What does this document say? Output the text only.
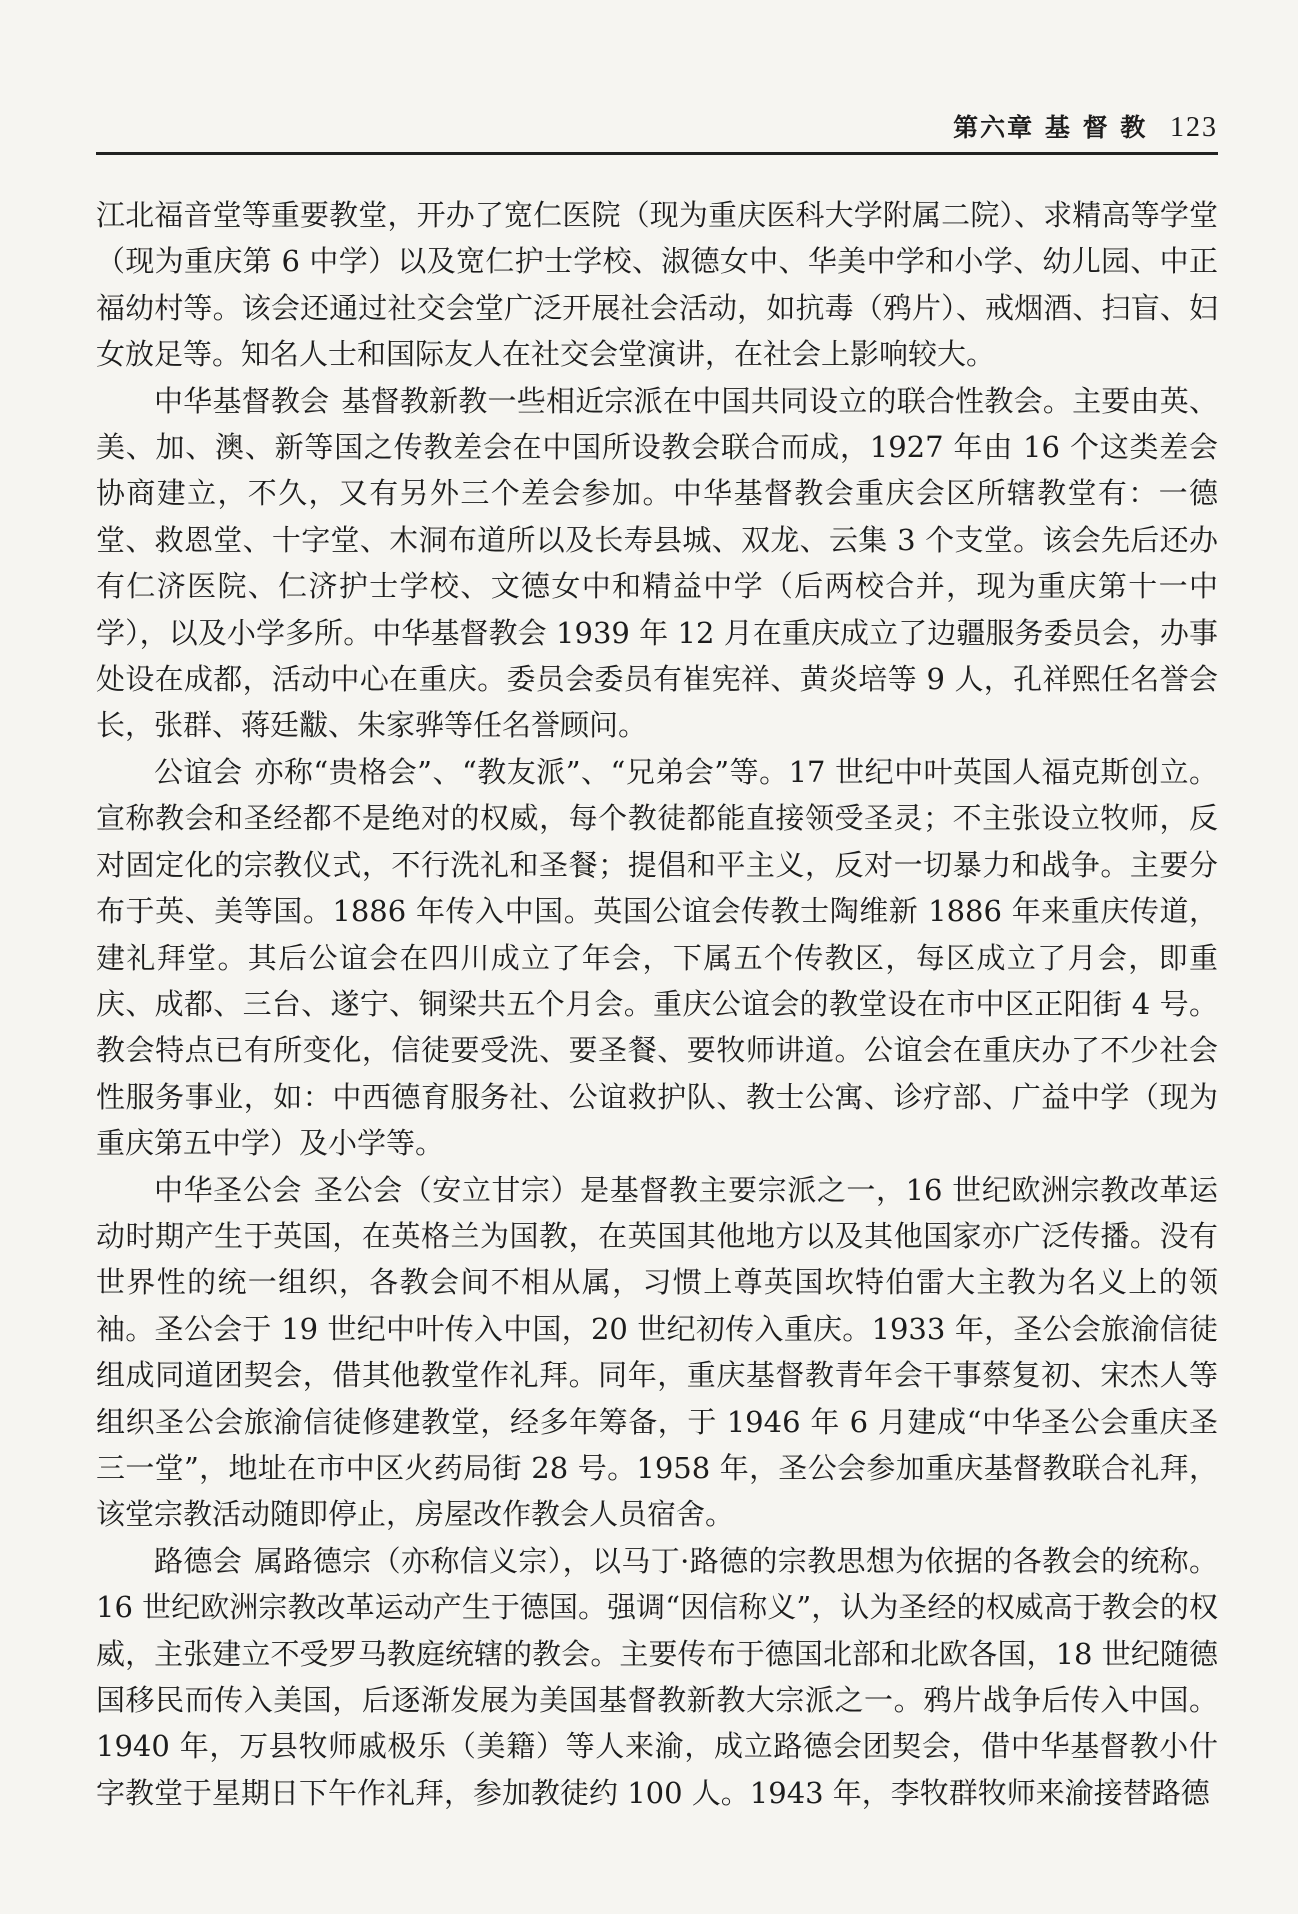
第六章 基 督 教 123

江北福音堂等重要教堂，开办了宽仁医院（现为重庆医科大学附属二院）、求精高等学堂（现为重庆第 6 中学）以及宽仁护士学校、淑德女中、华美中学和小学、幼儿园、中正福幼村等。该会还通过社交会堂广泛开展社会活动，如抗毒（鸦片）、戒烟酒、扫盲、妇女放足等。知名人士和国际友人在社交会堂演讲，在社会上影响较大。

中华基督教会 基督教新教一些相近宗派在中国共同设立的联合性教会。主要由英、美、加、澳、新等国之传教差会在中国所设教会联合而成，1927 年由 16 个这类差会协商建立，不久，又有另外三个差会参加。中华基督教会重庆会区所辖教堂有：一德堂、救恩堂、十字堂、木洞布道所以及长寿县城、双龙、云集 3 个支堂。该会先后还办有仁济医院、仁济护士学校、文德女中和精益中学（后两校合并，现为重庆第十一中学），以及小学多所。中华基督教会 1939 年 12 月在重庆成立了边疆服务委员会，办事处设在成都，活动中心在重庆。委员会委员有崔宪祥、黄炎培等 9 人，孔祥熙任名誉会长，张群、蒋廷黻、朱家骅等任名誉顾问。

公谊会 亦称“贵格会”、“教友派”、“兄弟会”等。17 世纪中叶英国人福克斯创立。宣称教会和圣经都不是绝对的权威，每个教徒都能直接领受圣灵；不主张设立牧师，反对固定化的宗教仪式，不行洗礼和圣餐；提倡和平主义，反对一切暴力和战争。主要分布于英、美等国。1886 年传入中国。英国公谊会传教士陶维新 1886 年来重庆传道，建礼拜堂。其后公谊会在四川成立了年会，下属五个传教区，每区成立了月会，即重庆、成都、三台、遂宁、铜梁共五个月会。重庆公谊会的教堂设在市中区正阳街 4 号。教会特点已有所变化，信徒要受洗、要圣餐、要牧师讲道。公谊会在重庆办了不少社会性服务事业，如：中西德育服务社、公谊救护队、教士公寓、诊疗部、广益中学（现为重庆第五中学）及小学等。

中华圣公会 圣公会（安立甘宗）是基督教主要宗派之一，16 世纪欧洲宗教改革运动时期产生于英国，在英格兰为国教，在英国其他地方以及其他国家亦广泛传播。没有世界性的统一组织，各教会间不相从属，习惯上尊英国坎特伯雷大主教为名义上的领袖。圣公会于 19 世纪中叶传入中国，20 世纪初传入重庆。1933 年，圣公会旅渝信徒组成同道团契会，借其他教堂作礼拜。同年，重庆基督教青年会干事蔡复初、宋杰人等组织圣公会旅渝信徒修建教堂，经多年筹备，于 1946 年 6 月建成“中华圣公会重庆圣三一堂”，地址在市中区火药局街 28 号。1958 年，圣公会参加重庆基督教联合礼拜，该堂宗教活动随即停止，房屋改作教会人员宿舍。

路德会 属路德宗（亦称信义宗），以马丁·路德的宗教思想为依据的各教会的统称。16 世纪欧洲宗教改革运动产生于德国。强调“因信称义”，认为圣经的权威高于教会的权威，主张建立不受罗马教庭统辖的教会。主要传布于德国北部和北欧各国，18 世纪随德国移民而传入美国，后逐渐发展为美国基督教新教大宗派之一。鸦片战争后传入中国。1940 年，万县牧师戚极乐（美籍）等人来渝，成立路德会团契会，借中华基督教小什字教堂于星期日下午作礼拜，参加教徒约 100 人。1943 年，李牧群牧师来渝接替路德
